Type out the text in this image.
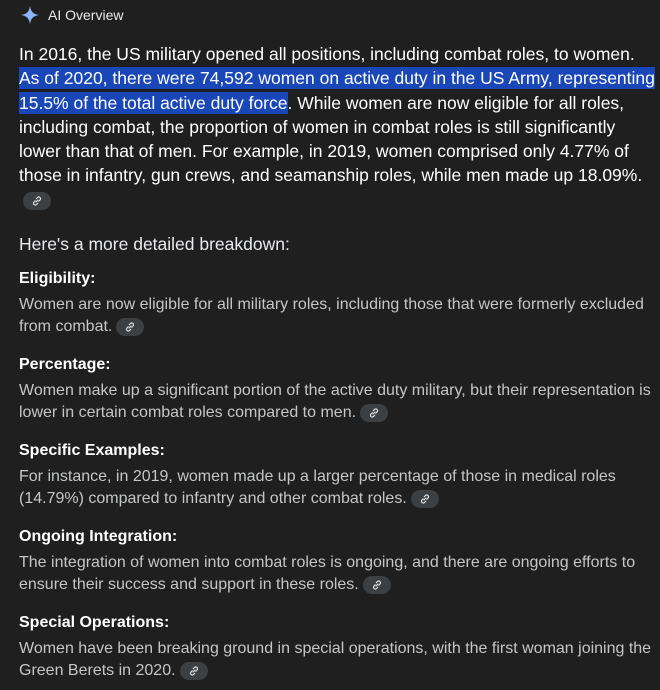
AI Overview
In 2016, the US military opened all positions, including combat roles, to women. As of 2020, there were 74,592 women on active duty in the US Army, representing 15.5% of the total active duty force. While women are now eligible for all roles, including combat, the proportion of women in combat roles is still significantly lower than that of men. For example, in 2019, women comprised only 4.77% of those in infantry, gun crews, and seamanship roles, while men made up 18.09%.
Here's a more detailed breakdown:
Eligibility:
Women are now eligible for all military roles, including those that were formerly excluded from combat.
Percentage:
Women make up a significant portion of the active duty military, but their representation is lower in certain combat roles compared to men.
Specific Examples:
For instance, in 2019, women made up a larger percentage of those in medical roles (14.79%) compared to infantry and other combat roles.
Ongoing Integration:
The integration of women into combat roles is ongoing, and there are ongoing efforts to ensure their success and support in these roles.
Special Operations:
Women have been breaking ground in special operations, with the first woman joining the Green Berets in 2020.
